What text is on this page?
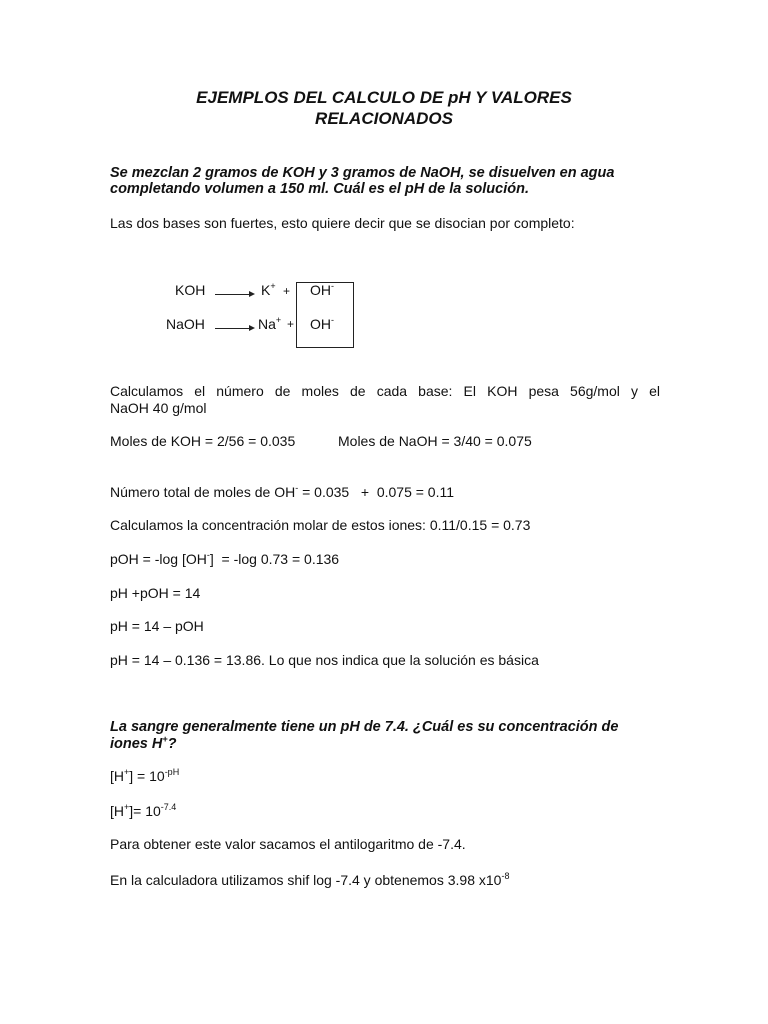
EJEMPLOS DEL CALCULO DE pH Y VALORES
RELACIONADOS
Se mezclan 2 gramos de KOH y 3 gramos de NaOH, se disuelven en agua
completando volumen a 150 ml. Cuál es el pH de la solución.
Las dos bases son fuertes, esto quiere decir que se disocian por completo:
KOH	K+ + OH-
NaOH	Na+ + OH-
Calculamos el número de moles de cada base: El KOH pesa 56g/mol y el
NaOH 40 g/mol
Moles de KOH = 2/56 = 0.035	Moles de NaOH = 3/40 = 0.075
Número total de moles de OH- = 0.035   +  0.075 = 0.11
Calculamos la concentración molar de estos iones: 0.11/0.15 = 0.73
pOH = -log [OH-]  = -log 0.73 = 0.136
pH +pOH = 14
pH = 14 – pOH
pH = 14 – 0.136 = 13.86. Lo que nos indica que la solución es básica
La sangre generalmente tiene un pH de 7.4. ¿Cuál es su concentración de
iones H+?
$[H^+] = 10^{-pH}$
$[H^+]= 10^{-7.4}$
Para obtener este valor sacamos el antilogaritmo de -7.4.
En la calculadora utilizamos shif log -7.4 y obtenemos 3.98 $x10^{-8}$
